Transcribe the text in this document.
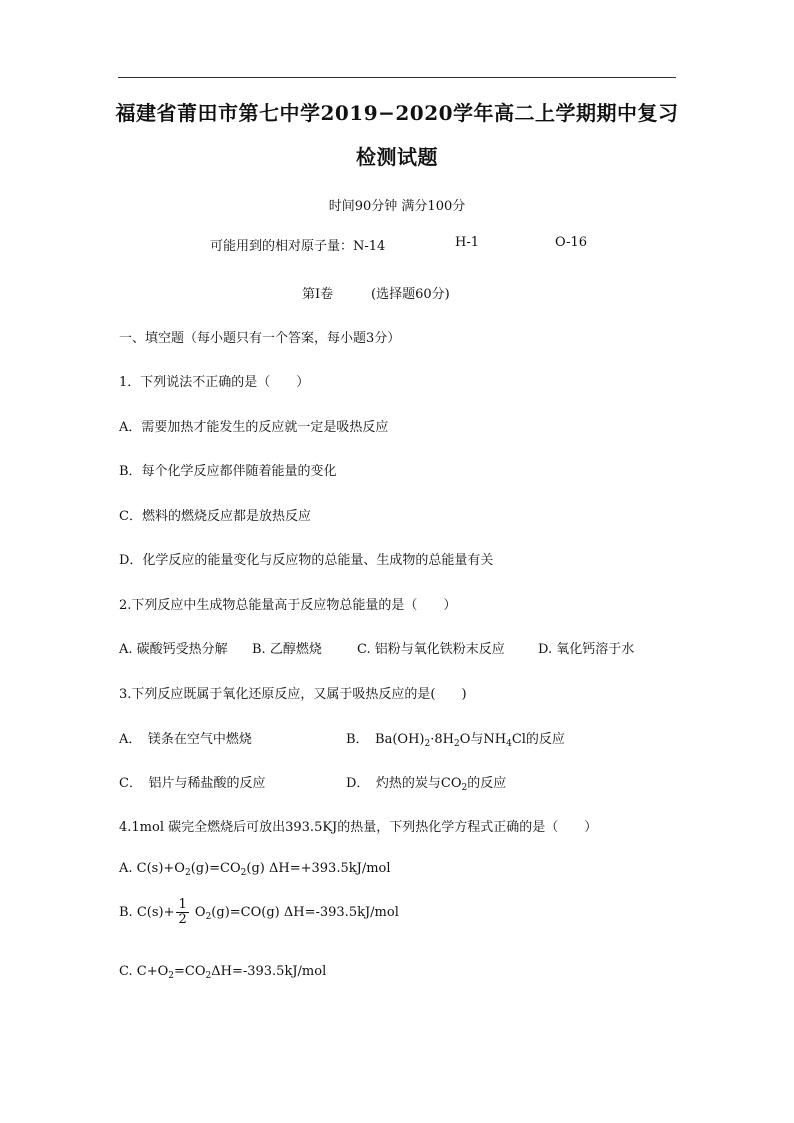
福建省莆田市第七中学2019−2020学年高二上学期期中复习
检测试题
时间90分钟 满分100分
可能用到的相对原子量：N-14	H-1	O-16
第Ⅰ卷	(选择题60分)
一、填空题（每小题只有一个答案，每小题3分）
1．下列说法不正确的是（　　）
A．需要加热才能发生的反应就一定是吸热反应
B．每个化学反应都伴随着能量的变化
C．燃料的燃烧反应都是放热反应
D．化学反应的能量变化与反应物的总能量、生成物的总能量有关
2.下列反应中生成物总能量高于反应物总能量的是（　　）
A. 碳酸钙受热分解 B. 乙醇燃烧	C. 铝粉与氧化铁粉末反应	D. 氧化钙溶于水
3.下列反应既属于氧化还原反应，又属于吸热反应的是(　　)
A．　镁条在空气中燃烧	B．　$Ba(OH)_2\cdot 8H_2O$与$NH_4Cl$的反应
C．　铝片与稀盐酸的反应	D．　灼热的炭与$CO_2$的反应
4.1mol 碳完全燃烧后可放出393.5KJ的热量，下列热化学方程式正确的是（　　）
A. $C(s)+O_2(g)=CO_2(g)$ ΔH=+393.5kJ/mol
B. $C(s)+ \frac{1}{2} O_2(g)=CO(g)$ ΔH=-393.5kJ/mol
C. $C+O_2=CO_2\Delta H=-393.5kJ$/mol
